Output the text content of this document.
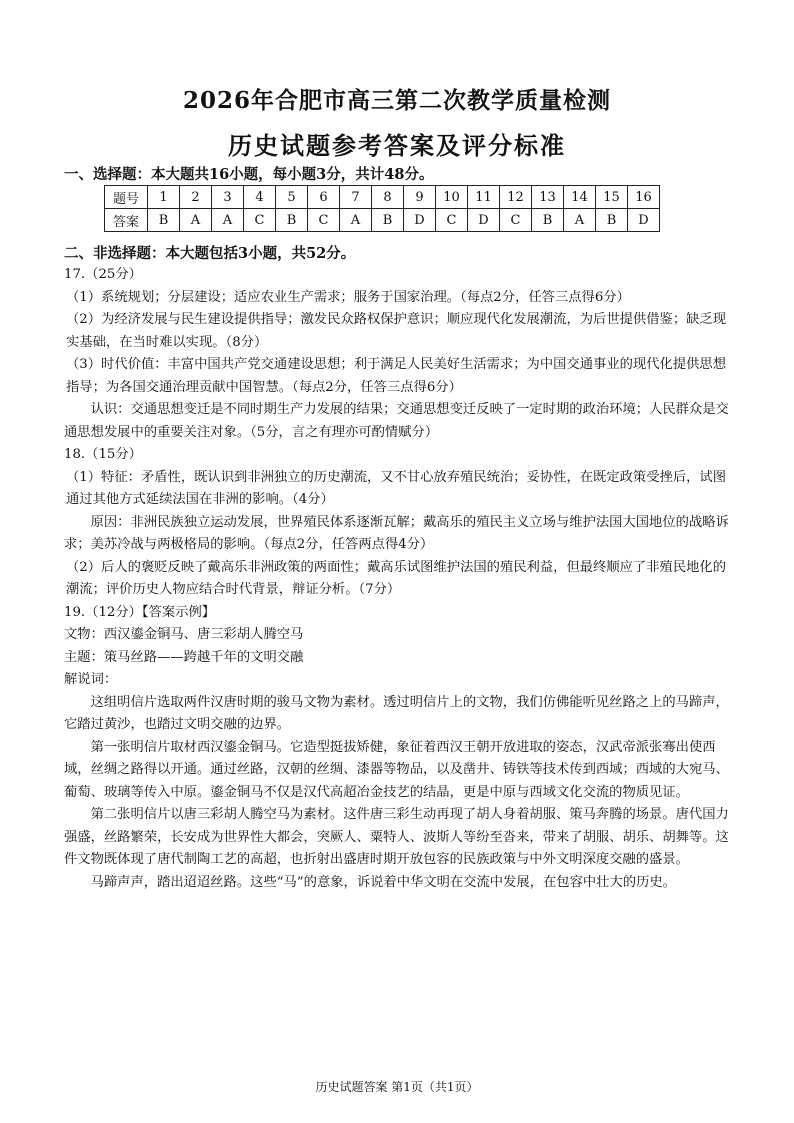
2026年合肥市高三第二次教学质量检测
历史试题参考答案及评分标准
一、选择题：本大题共16小题，每小题3分，共计48分。
题号	1	2	3	4	5	6	7	8	9	10	11	12	13	14	15	16
答案	B	A	A	C	B	C	A	B	D	C	D	C	B	A	B	D
二、非选择题：本大题包括3小题，共52分。

17.（25分）

（1）系统规划；分层建设；适应农业生产需求；服务于国家治理。（每点2分，任答三点得6分）

（2）为经济发展与民生建设提供指导；激发民众路权保护意识；顺应现代化发展潮流，为后世提供借鉴；缺乏现实基础，在当时难以实现。（8分）

（3）时代价值：丰富中国共产党交通建设思想；利于满足人民美好生活需求；为中国交通事业的现代化提供思想指导；为各国交通治理贡献中国智慧。（每点2分，任答三点得6分）

认识：交通思想变迁是不同时期生产力发展的结果；交通思想变迁反映了一定时期的政治环境；人民群众是交通思想发展中的重要关注对象。（5分，言之有理亦可酌情赋分）

18.（15分）

（1）特征：矛盾性，既认识到非洲独立的历史潮流，又不甘心放弃殖民统治；妥协性，在既定政策受挫后，试图通过其他方式延续法国在非洲的影响。（4分）

原因：非洲民族独立运动发展，世界殖民体系逐渐瓦解；戴高乐的殖民主义立场与维护法国大国地位的战略诉求；美苏冷战与两极格局的影响。（每点2分，任答两点得4分）

（2）后人的褒贬反映了戴高乐非洲政策的两面性；戴高乐试图维护法国的殖民利益，但最终顺应了非殖民地化的潮流；评价历史人物应结合时代背景，辩证分析。（7分）

19.（12分）【答案示例】

文物：西汉鎏金铜马、唐三彩胡人腾空马

主题：策马丝路——跨越千年的文明交融

解说词：

这组明信片选取两件汉唐时期的骏马文物为素材。透过明信片上的文物，我们仿佛能听见丝路之上的马蹄声，它踏过黄沙，也踏过文明交融的边界。

第一张明信片取材西汉鎏金铜马。它造型挺拔矫健，象征着西汉王朝开放进取的姿态，汉武帝派张骞出使西域，丝绸之路得以开通。通过丝路，汉朝的丝绸、漆器等物品，以及凿井、铸铁等技术传到西域；西域的大宛马、葡萄、玻璃等传入中原。鎏金铜马不仅是汉代高超冶金技艺的结晶，更是中原与西域文化交流的物质见证。

第二张明信片以唐三彩胡人腾空马为素材。这件唐三彩生动再现了胡人身着胡服、策马奔腾的场景。唐代国力强盛，丝路繁荣，长安成为世界性大都会，突厥人、粟特人、波斯人等纷至沓来，带来了胡服、胡乐、胡舞等。这件文物既体现了唐代制陶工艺的高超，也折射出盛唐时期开放包容的民族政策与中外文明深度交融的盛景。

马蹄声声，踏出迢迢丝路。这些“马”的意象，诉说着中华文明在交流中发展，在包容中壮大的历史。

历史试题答案 第1页（共1页）
